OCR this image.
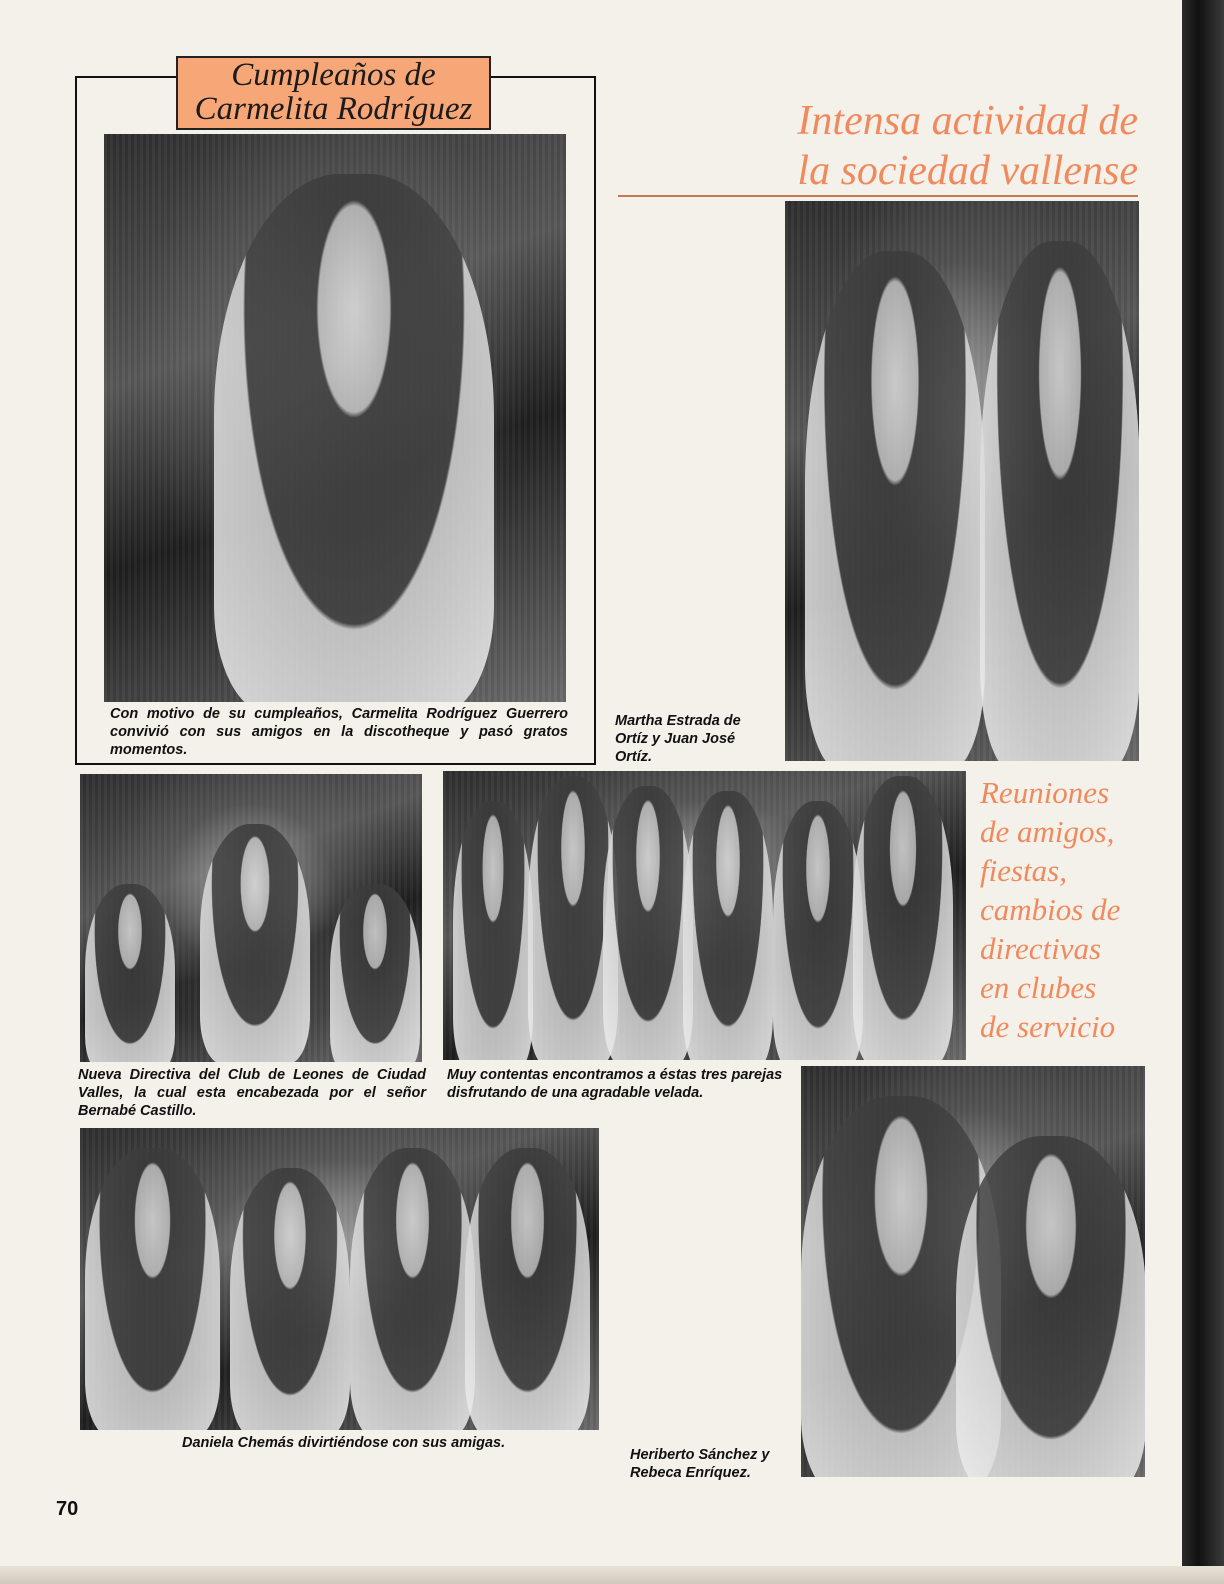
Cumpleaños de
Carmelita Rodríguez
Con motivo de su cumpleaños, Carmelita Rodríguez Guerrero convivió con sus amigos en la discotheque y pasó gratos momentos.
Intensa actividad de
la sociedad vallense
Martha Estrada de Ortíz y Juan José Ortíz.
Nueva Directiva del Club de Leones de Ciudad Valles, la cual esta encabezada por el señor Bernabé Castillo.
Muy contentas encontramos a éstas tres parejas disfrutando de una agradable velada.
Reuniones
de amigos,
fiestas,
cambios de
directivas
en clubes
de servicio
Daniela Chemás divirtiéndose con sus amigas.
Heriberto Sánchez y Rebeca Enríquez.
70
